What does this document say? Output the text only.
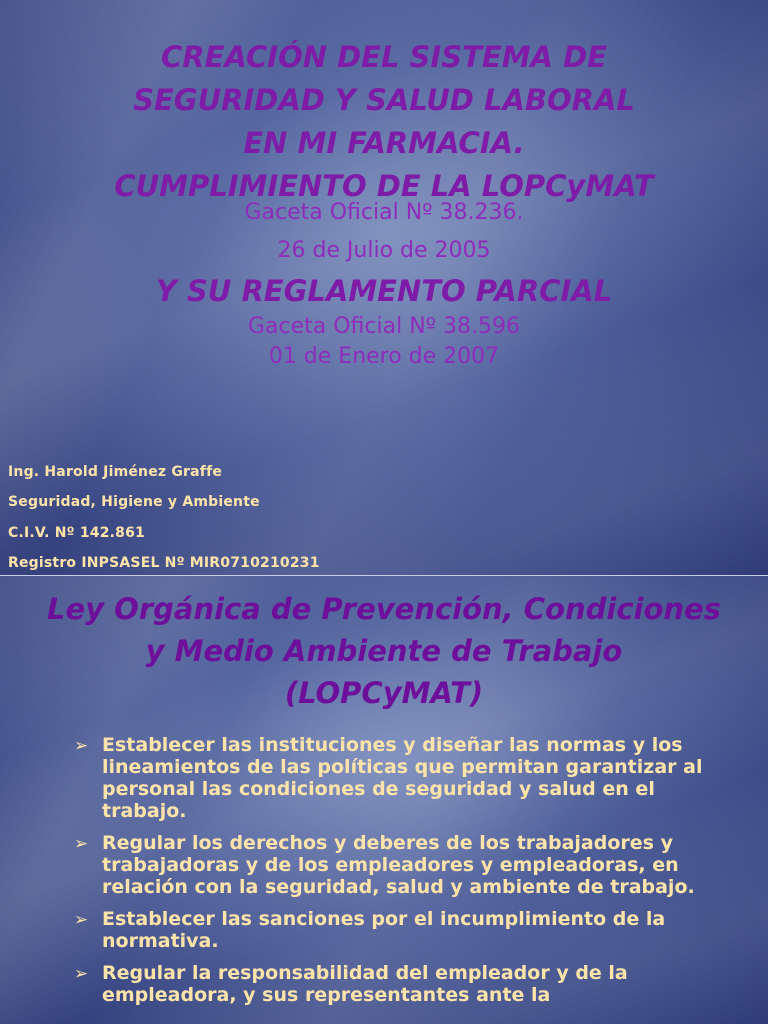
CREACIÓN DEL SISTEMA DE
SEGURIDAD Y SALUD LABORAL
EN MI FARMACIA.
CUMPLIMIENTO DE LA LOPCyMAT
Gaceta Oficial Nº 38.236.
26 de Julio de 2005
Y SU REGLAMENTO PARCIAL
Gaceta Oficial Nº 38.596
01 de Enero de 2007
Ing. Harold Jiménez Graffe
Seguridad, Higiene y Ambiente
C.I.V. Nº 142.861
Registro INPSASEL Nº MIR0710210231
Ley Orgánica de Prevención, Condiciones
y Medio Ambiente de Trabajo
(LOPCyMAT)
➢ Establecer las instituciones y diseñar las normas y los lineamientos de las políticas que permitan garantizar al personal las condiciones de seguridad y salud en el trabajo.
➢ Regular los derechos y deberes de los trabajadores y trabajadoras y de los empleadores y empleadoras, en relación con la seguridad, salud y ambiente de trabajo.
➢ Establecer las sanciones por el incumplimiento de la normativa.
➢ Regular la responsabilidad del empleador y de la empleadora, y sus representantes ante la
